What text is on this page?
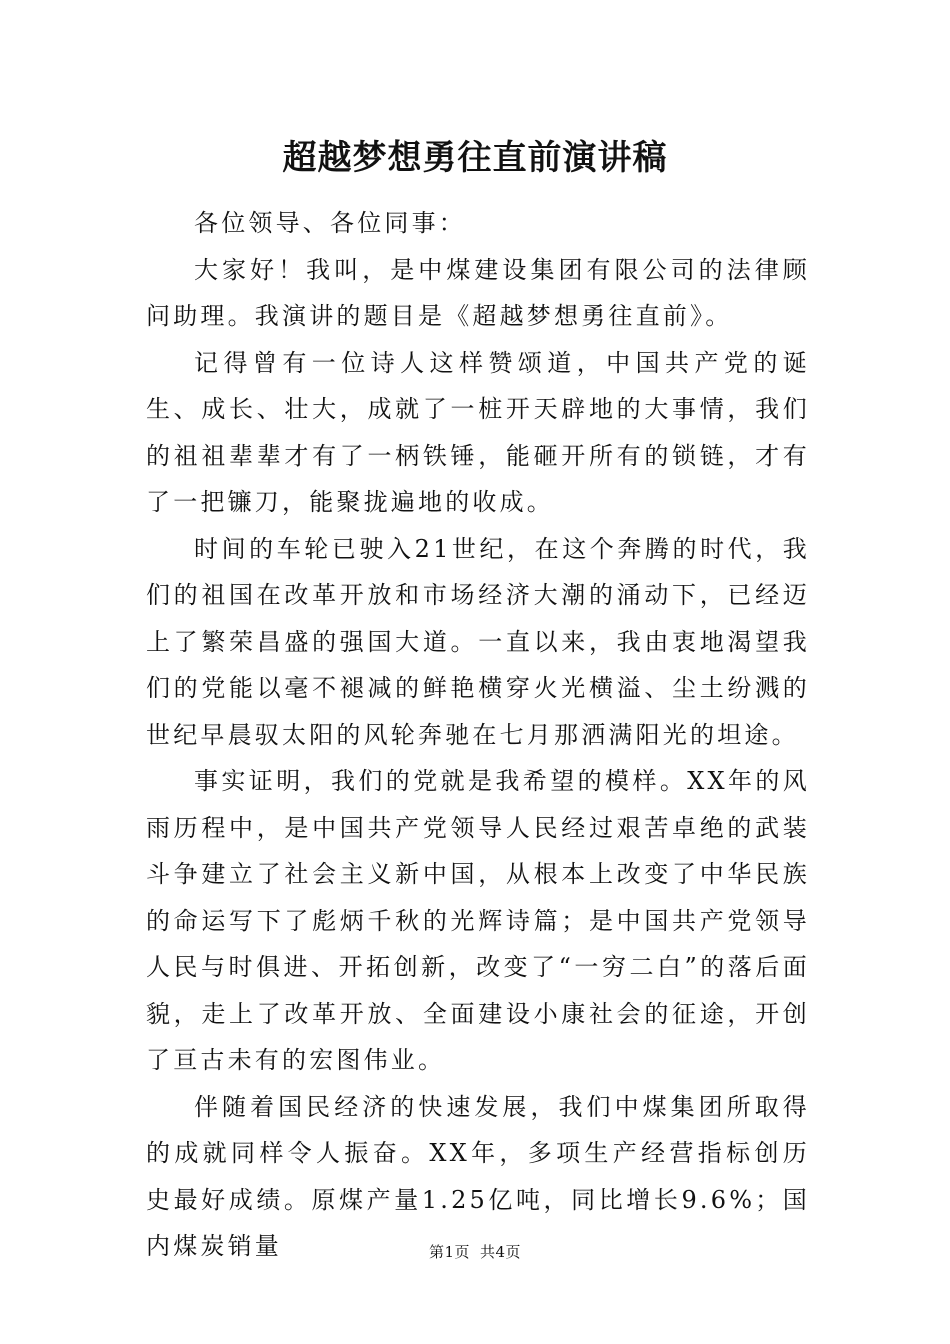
超越梦想勇往直前演讲稿

各位领导、各位同事：

大家好！我叫，是中煤建设集团有限公司的法律顾问助理。我演讲的题目是《超越梦想勇往直前》。

记得曾有一位诗人这样赞颂道，中国共产党的诞生、成长、壮大，成就了一桩开天辟地的大事情，我们的祖祖辈辈才有了一柄铁锤，能砸开所有的锁链，才有了一把镰刀，能聚拢遍地的收成。

时间的车轮已驶入21世纪，在这个奔腾的时代，我们的祖国在改革开放和市场经济大潮的涌动下，已经迈上了繁荣昌盛的强国大道。一直以来，我由衷地渴望我们的党能以毫不褪减的鲜艳横穿火光横溢、尘土纷溅的世纪早晨驭太阳的风轮奔驰在七月那洒满阳光的坦途。

事实证明，我们的党就是我希望的模样。XX年的风雨历程中，是中国共产党领导人民经过艰苦卓绝的武装斗争建立了社会主义新中国，从根本上改变了中华民族的命运写下了彪炳千秋的光辉诗篇；是中国共产党领导人民与时俱进、开拓创新，改变了“一穷二白”的落后面貌，走上了改革开放、全面建设小康社会的征途，开创了亘古未有的宏图伟业。

伴随着国民经济的快速发展，我们中煤集团所取得的成就同样令人振奋。XX年，多项生产经营指标创历史最好成绩。原煤产量1.25亿吨，同比增长9.6%；国内煤炭销量	第1页 共4页
